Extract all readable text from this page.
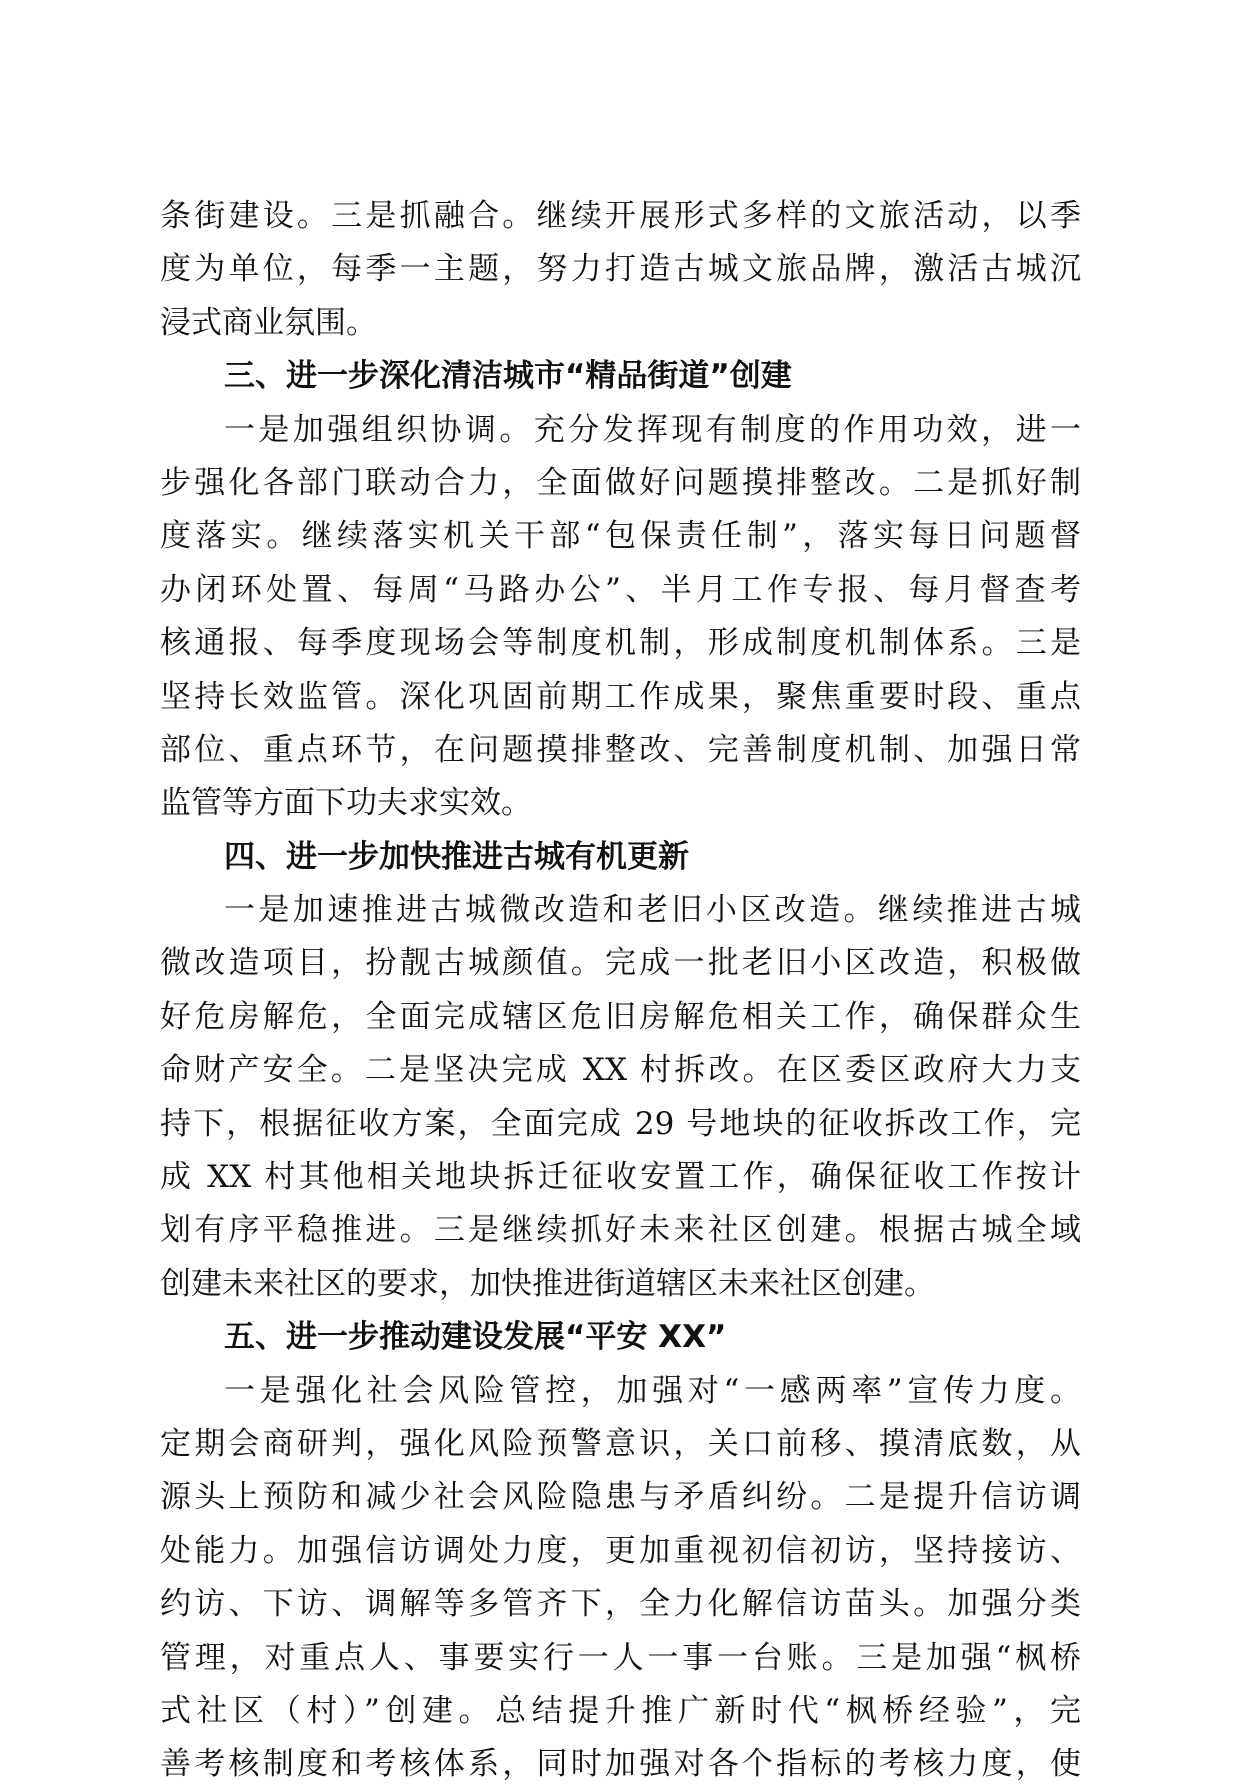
条街建设。三是抓融合。继续开展形式多样的文旅活动，以季
度为单位，每季一主题，努力打造古城文旅品牌，激活古城沉
浸式商业氛围。
三、进一步深化清洁城市“精品街道”创建
一是加强组织协调。充分发挥现有制度的作用功效，进一
步强化各部门联动合力，全面做好问题摸排整改。二是抓好制
度落实。继续落实机关干部“包保责任制”，落实每日问题督
办闭环处置、每周“马路办公”、半月工作专报、每月督查考
核通报、每季度现场会等制度机制，形成制度机制体系。三是
坚持长效监管。深化巩固前期工作成果，聚焦重要时段、重点
部位、重点环节，在问题摸排整改、完善制度机制、加强日常
监管等方面下功夫求实效。
四、进一步加快推进古城有机更新
一是加速推进古城微改造和老旧小区改造。继续推进古城
微改造项目，扮靓古城颜值。完成一批老旧小区改造，积极做
好危房解危，全面完成辖区危旧房解危相关工作，确保群众生
命财产安全。二是坚决完成 XX 村拆改。在区委区政府大力支
持下，根据征收方案，全面完成 29 号地块的征收拆改工作，完
成 XX 村其他相关地块拆迁征收安置工作，确保征收工作按计
划有序平稳推进。三是继续抓好未来社区创建。根据古城全域
创建未来社区的要求，加快推进街道辖区未来社区创建。
五、进一步推动建设发展“平安 XX”
一是强化社会风险管控，加强对“一感两率”宣传力度。
定期会商研判，强化风险预警意识，关口前移、摸清底数，从
源头上预防和减少社会风险隐患与矛盾纠纷。二是提升信访调
处能力。加强信访调处力度，更加重视初信初访，坚持接访、
约访、下访、调解等多管齐下，全力化解信访苗头。加强分类
管理，对重点人、事要实行一人一事一台账。三是加强“枫桥
式社区（村）”创建。总结提升推广新时代“枫桥经验”，完
善考核制度和考核体系，同时加强对各个指标的考核力度，使
